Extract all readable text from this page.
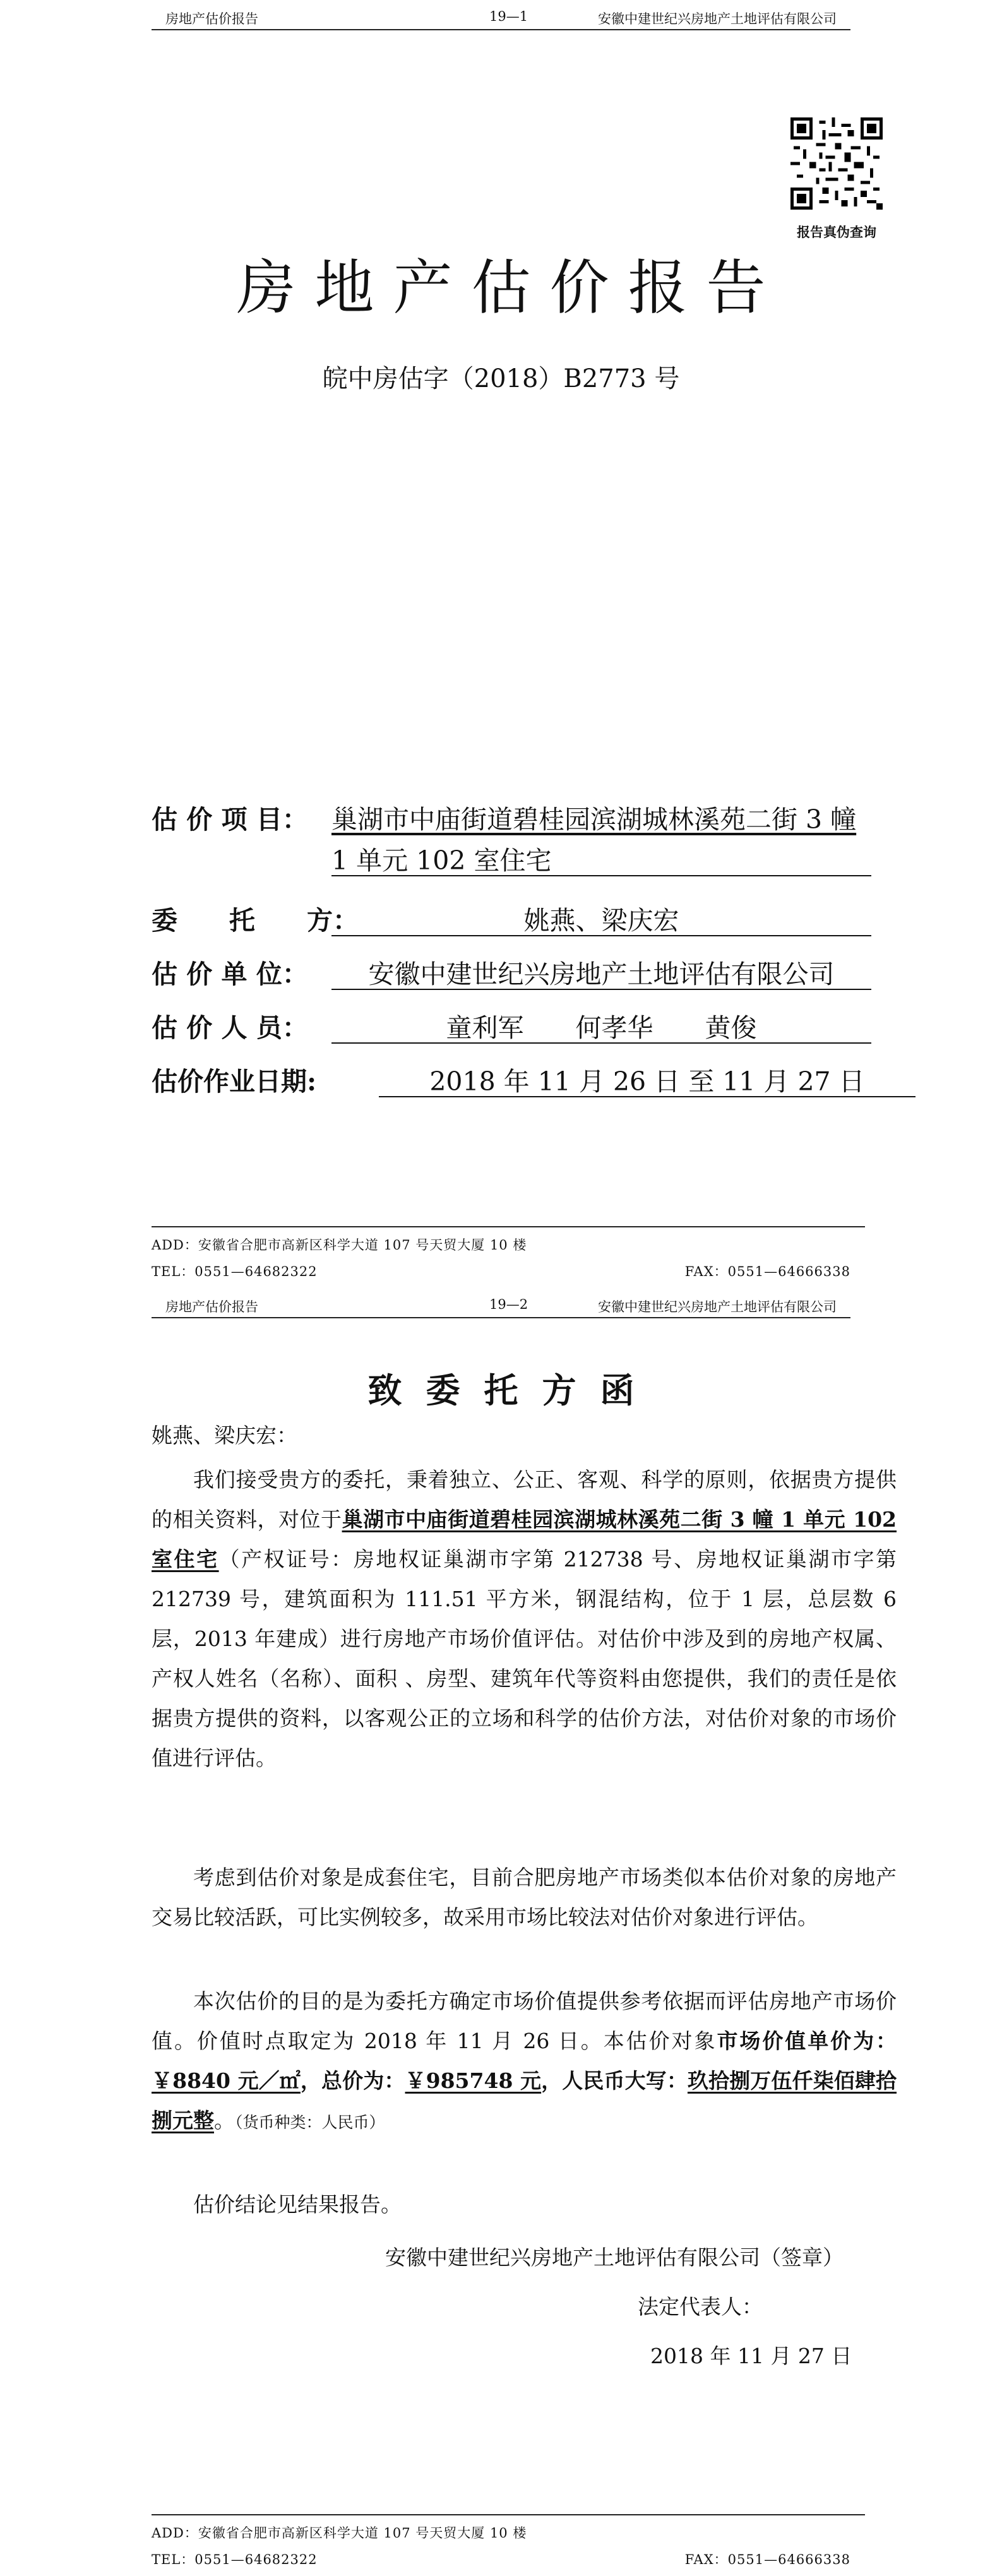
房地产估价报告	19—1	安徽中建世纪兴房地产土地评估有限公司
报告真伪查询
房地产估价报告
皖中房估字（2018）B2773 号
估 价 项 目： 巢湖市中庙街道碧桂园滨湖城林溪苑二街 3 幢
1 单元 102 室住宅
委　　托　　方：	姚燕、梁庆宏
估 价 单 位：	安徽中建世纪兴房地产土地评估有限公司
估 价 人 员：	童利军　　何孝华　　黄俊
估价作业日期:	2018 年 11 月 26 日 至 11 月 27 日
ADD：安徽省合肥市高新区科学大道 107 号天贸大厦 10 楼
TEL：0551—64682322	FAX：0551—64666338
房地产估价报告	19—2	安徽中建世纪兴房地产土地评估有限公司
ADD：安徽省合肥市高新区科学大道 107 号天贸大厦 10 楼
TEL：0551—64682322	FAX：0551—64666338
致委托方函
姚燕、梁庆宏：
我们接受贵方的委托，秉着独立、公正、客观、科学的原则，依据贵方提供的相关资料，对位于巢湖市中庙街道碧桂园滨湖城林溪苑二街 3 幢 1 单元 102 室住宅（产权证号：房地权证巢湖市字第 212738 号、房地权证巢湖市字第 212739 号，建筑面积为 111.51 平方米，钢混结构，位于 1 层，总层数 6 层，2013 年建成）进行房地产市场价值评估。对估价中涉及到的房地产权属、产权人姓名（名称）、面积 、房型、建筑年代等资料由您提供，我们的责任是依据贵方提供的资料，以客观公正的立场和科学的估价方法，对估价对象的市场价值进行评估。
考虑到估价对象是成套住宅，目前合肥房地产市场类似本估价对象的房地产交易比较活跃，可比实例较多，故采用市场比较法对估价对象进行评估。
本次估价的目的是为委托方确定市场价值提供参考依据而评估房地产市场价值。价值时点取定为 2018 年 11 月 26 日。本估价对象市场价值单价为：￥8840 元／㎡，总价为：￥985748 元，人民币大写：玖拾捌万伍仟柒佰肆拾捌元整。（货币种类：人民币）
估价结论见结果报告。
安徽中建世纪兴房地产土地评估有限公司（签章）
法定代表人：
2018 年 11 月 27 日
